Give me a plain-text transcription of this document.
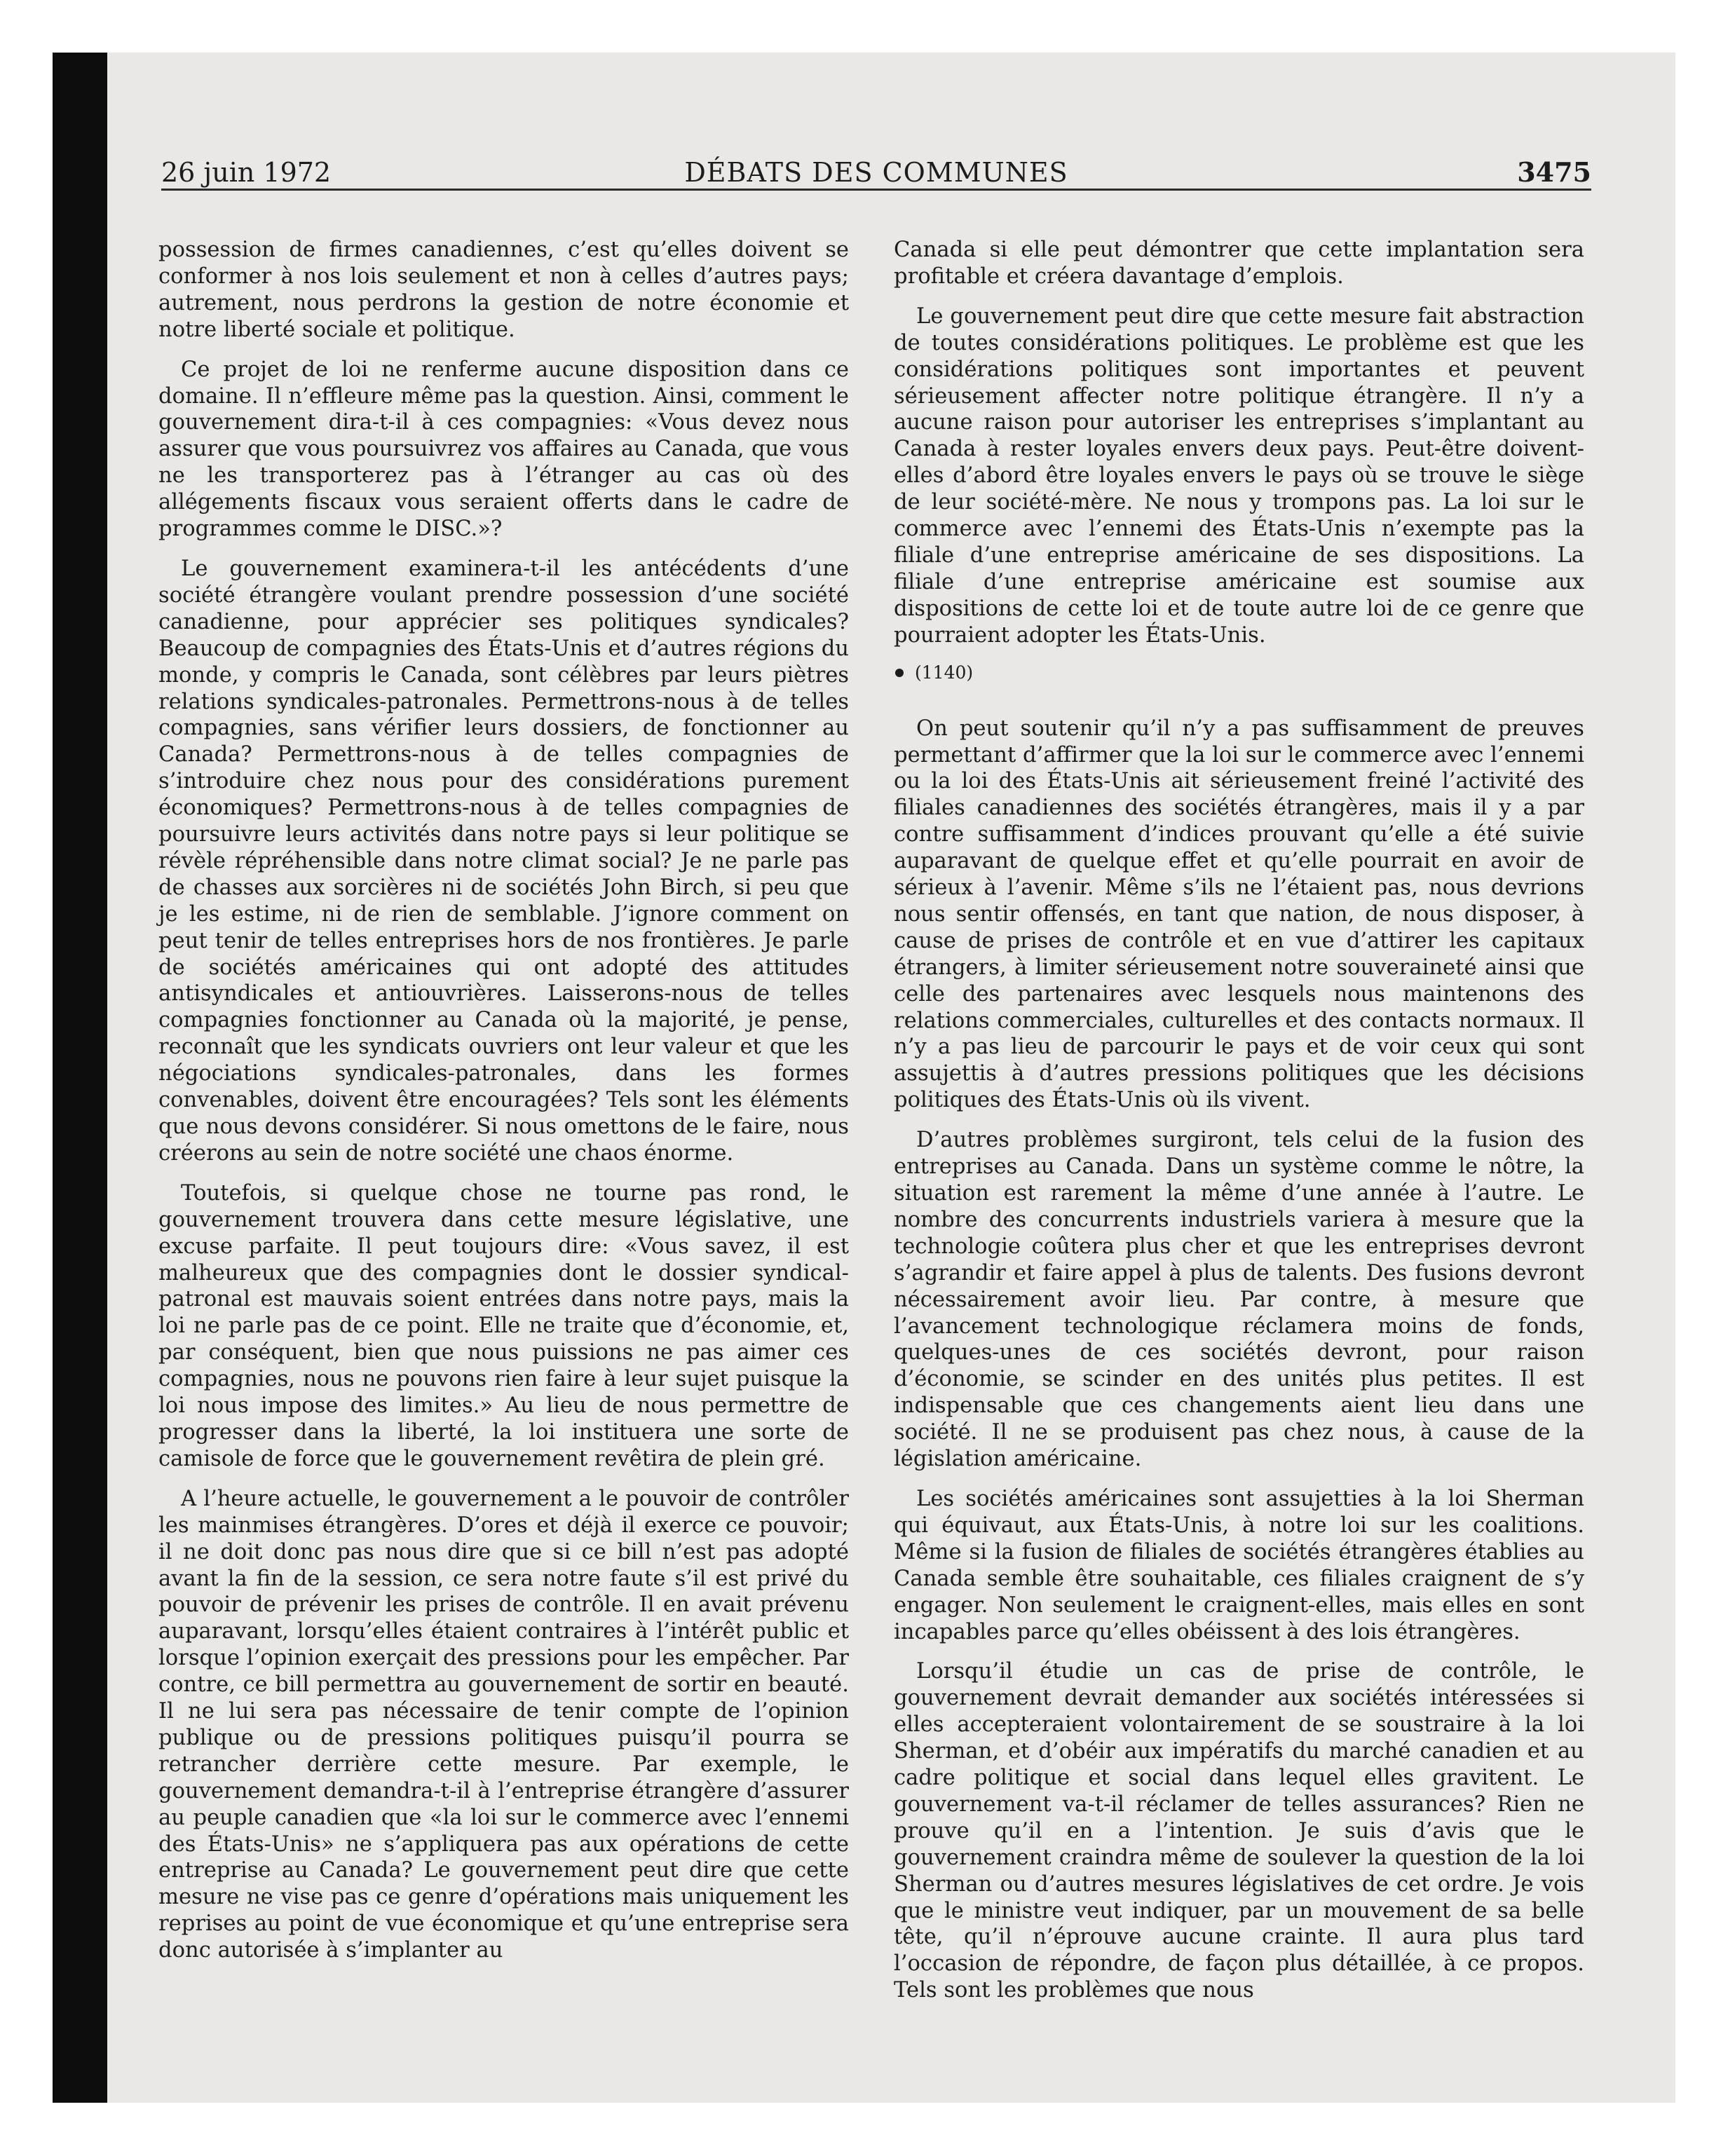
26 juin 1972	DÉBATS DES COMMUNES	3475

possession de firmes canadiennes, c’est qu’elles doivent se conformer à nos lois seulement et non à celles d’autres pays; autrement, nous perdrons la gestion de notre économie et notre liberté sociale et politique.

Ce projet de loi ne renferme aucune disposition dans ce domaine. Il n’effleure même pas la question. Ainsi, comment le gouvernement dira-t-il à ces compagnies: «Vous devez nous assurer que vous poursuivrez vos affaires au Canada, que vous ne les transporterez pas à l’étranger au cas où des allégements fiscaux vous seraient offerts dans le cadre de programmes comme le DISC.»?

Le gouvernement examinera-t-il les antécédents d’une société étrangère voulant prendre possession d’une société canadienne, pour apprécier ses politiques syndicales? Beaucoup de compagnies des États-Unis et d’autres régions du monde, y compris le Canada, sont célèbres par leurs piètres relations syndicales-patronales. Permettrons-nous à de telles compagnies, sans vérifier leurs dossiers, de fonctionner au Canada? Permettrons-nous à de telles compagnies de s’introduire chez nous pour des considérations purement économiques? Permettrons-nous à de telles compagnies de poursuivre leurs activités dans notre pays si leur politique se révèle répréhensible dans notre climat social? Je ne parle pas de chasses aux sorcières ni de sociétés John Birch, si peu que je les estime, ni de rien de semblable. J’ignore comment on peut tenir de telles entreprises hors de nos frontières. Je parle de sociétés américaines qui ont adopté des attitudes antisyndicales et antiouvrières. Laisserons-nous de telles compagnies fonctionner au Canada où la majorité, je pense, reconnaît que les syndicats ouvriers ont leur valeur et que les négociations syndicales-patronales, dans les formes convenables, doivent être encouragées? Tels sont les éléments que nous devons considérer. Si nous omettons de le faire, nous créerons au sein de notre société une chaos énorme.

Toutefois, si quelque chose ne tourne pas rond, le gouvernement trouvera dans cette mesure législative, une excuse parfaite. Il peut toujours dire: «Vous savez, il est malheureux que des compagnies dont le dossier syndical-patronal est mauvais soient entrées dans notre pays, mais la loi ne parle pas de ce point. Elle ne traite que d’économie, et, par conséquent, bien que nous puissions ne pas aimer ces compagnies, nous ne pouvons rien faire à leur sujet puisque la loi nous impose des limites.» Au lieu de nous permettre de progresser dans la liberté, la loi instituera une sorte de camisole de force que le gouvernement revêtira de plein gré.

A l’heure actuelle, le gouvernement a le pouvoir de contrôler les mainmises étrangères. D’ores et déjà il exerce ce pouvoir; il ne doit donc pas nous dire que si ce bill n’est pas adopté avant la fin de la session, ce sera notre faute s’il est privé du pouvoir de prévenir les prises de contrôle. Il en avait prévenu auparavant, lorsqu’elles étaient contraires à l’intérêt public et lorsque l’opinion exerçait des pressions pour les empêcher. Par contre, ce bill permettra au gouvernement de sortir en beauté. Il ne lui sera pas nécessaire de tenir compte de l’opinion publique ou de pressions politiques puisqu’il pourra se retrancher derrière cette mesure. Par exemple, le gouvernement demandra-t-il à l’entreprise étrangère d’assurer au peuple canadien que «la loi sur le commerce avec l’ennemi des États-Unis» ne s’appliquera pas aux opérations de cette entreprise au Canada? Le gouvernement peut dire que cette mesure ne vise pas ce genre d’opérations mais uniquement les reprises au point de vue économique et qu’une entreprise sera donc autorisée à s’implanter au

Canada si elle peut démontrer que cette implantation sera profitable et créera davantage d’emplois.

Le gouvernement peut dire que cette mesure fait abstraction de toutes considérations politiques. Le problème est que les considérations politiques sont importantes et peuvent sérieusement affecter notre politique étrangère. Il n’y a aucune raison pour autoriser les entreprises s’implantant au Canada à rester loyales envers deux pays. Peut-être doivent-elles d’abord être loyales envers le pays où se trouve le siège de leur société-mère. Ne nous y trompons pas. La loi sur le commerce avec l’ennemi des États-Unis n’exempte pas la filiale d’une entreprise américaine de ses dispositions. La filiale d’une entreprise américaine est soumise aux dispositions de cette loi et de toute autre loi de ce genre que pourraient adopter les États-Unis.

(1140)

On peut soutenir qu’il n’y a pas suffisamment de preuves permettant d’affirmer que la loi sur le commerce avec l’ennemi ou la loi des États-Unis ait sérieusement freiné l’activité des filiales canadiennes des sociétés étrangères, mais il y a par contre suffisamment d’indices prouvant qu’elle a été suivie auparavant de quelque effet et qu’elle pourrait en avoir de sérieux à l’avenir. Même s’ils ne l’étaient pas, nous devrions nous sentir offensés, en tant que nation, de nous disposer, à cause de prises de contrôle et en vue d’attirer les capitaux étrangers, à limiter sérieusement notre souveraineté ainsi que celle des partenaires avec lesquels nous maintenons des relations commerciales, culturelles et des contacts normaux. Il n’y a pas lieu de parcourir le pays et de voir ceux qui sont assujettis à d’autres pressions politiques que les décisions politiques des États-Unis où ils vivent.

D’autres problèmes surgiront, tels celui de la fusion des entreprises au Canada. Dans un système comme le nôtre, la situation est rarement la même d’une année à l’autre. Le nombre des concurrents industriels variera à mesure que la technologie coûtera plus cher et que les entreprises devront s’agrandir et faire appel à plus de talents. Des fusions devront nécessairement avoir lieu. Par contre, à mesure que l’avancement technologique réclamera moins de fonds, quelques-unes de ces sociétés devront, pour raison d’économie, se scinder en des unités plus petites. Il est indispensable que ces changements aient lieu dans une société. Il ne se produisent pas chez nous, à cause de la législation américaine.

Les sociétés américaines sont assujetties à la loi Sherman qui équivaut, aux États-Unis, à notre loi sur les coalitions. Même si la fusion de filiales de sociétés étrangères établies au Canada semble être souhaitable, ces filiales craignent de s’y engager. Non seulement le craignent-elles, mais elles en sont incapables parce qu’elles obéissent à des lois étrangères.

Lorsqu’il étudie un cas de prise de contrôle, le gouvernement devrait demander aux sociétés intéressées si elles accepteraient volontairement de se soustraire à la loi Sherman, et d’obéir aux impératifs du marché canadien et au cadre politique et social dans lequel elles gravitent. Le gouvernement va-t-il réclamer de telles assurances? Rien ne prouve qu’il en a l’intention. Je suis d’avis que le gouvernement craindra même de soulever la question de la loi Sherman ou d’autres mesures législatives de cet ordre. Je vois que le ministre veut indiquer, par un mouvement de sa belle tête, qu’il n’éprouve aucune crainte. Il aura plus tard l’occasion de répondre, de façon plus détaillée, à ce propos. Tels sont les problèmes que nous
